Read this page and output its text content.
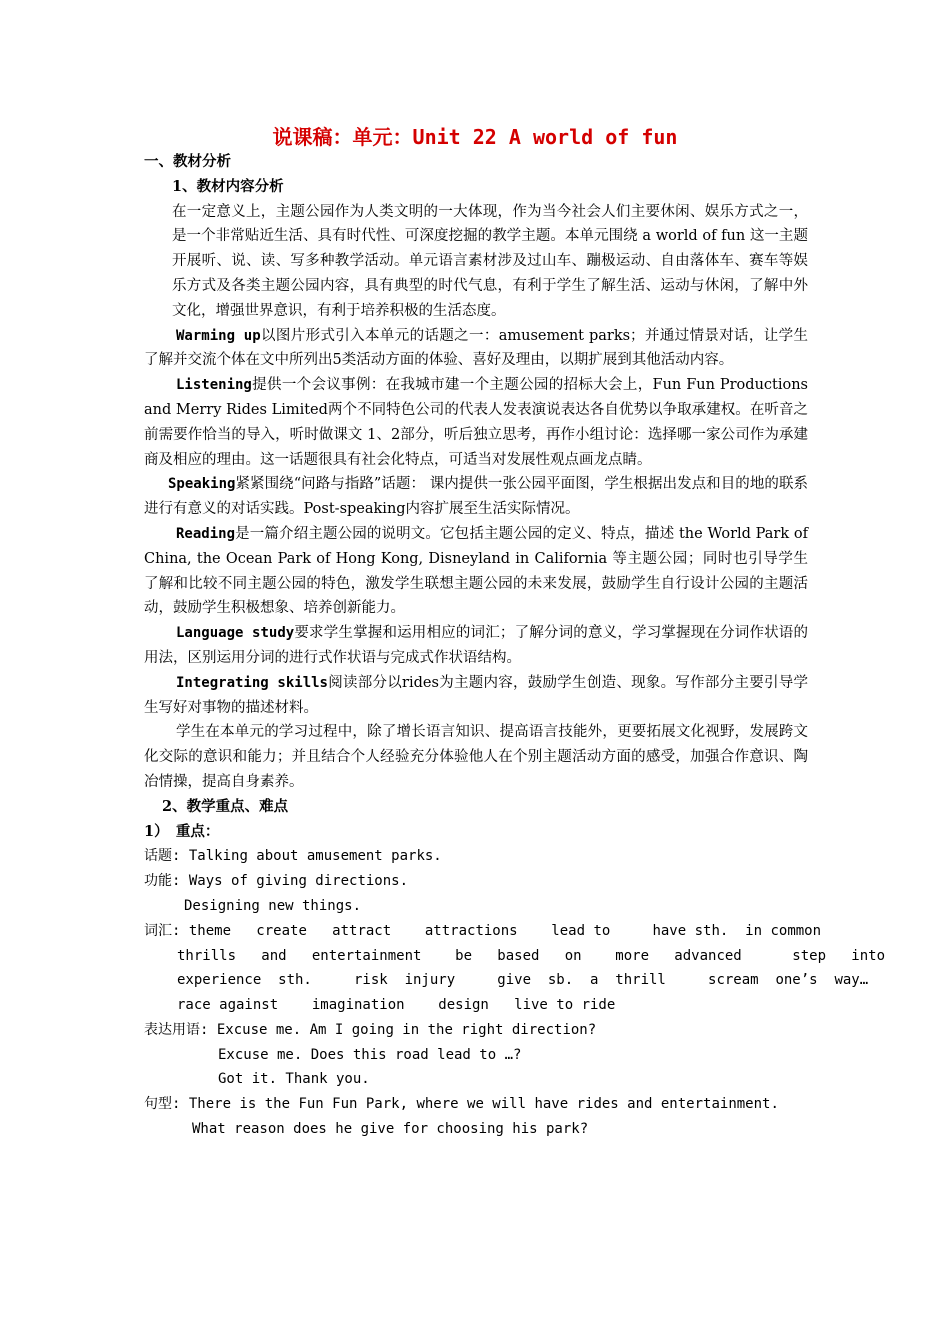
说课稿：单元：Unit 22 A world of fun

一、教材分析

1、教材内容分析

在一定意义上，主题公园作为人类文明的一大体现，作为当今社会人们主要休闲、娱乐方式之一，是一个非常贴近生活、具有时代性、可深度挖掘的教学主题。本单元围绕 a world of fun 这一主题开展听、说、读、写多种教学活动。单元语言素材涉及过山车、蹦极运动、自由落体车、赛车等娱乐方式及各类主题公园内容，具有典型的时代气息，有利于学生了解生活、运动与休闲，了解中外文化，增强世界意识，有利于培养积极的生活态度。

Warming up以图片形式引入本单元的话题之一：amusement parks；并通过情景对话，让学生了解并交流个体在文中所列出5类活动方面的体验、喜好及理由，以期扩展到其他活动内容。

Listening提供一个会议事例：在我城市建一个主题公园的招标大会上，Fun Fun Productions and Merry Rides Limited两个不同特色公司的代表人发表演说表达各自优势以争取承建权。在听音之前需要作恰当的导入，听时做课文 1、2部分，听后独立思考，再作小组讨论：选择哪一家公司作为承建商及相应的理由。这一话题很具有社会化特点，可适当对发展性观点画龙点睛。

Speaking紧紧围绕“问路与指路”话题： 课内提供一张公园平面图，学生根据出发点和目的地的联系进行有意义的对话实践。Post-speaking内容扩展至生活实际情况。

Reading是一篇介绍主题公园的说明文。它包括主题公园的定义、特点，描述 the World Park of China, the Ocean Park of Hong Kong, Disneyland in California 等主题公园；同时也引导学生了解和比较不同主题公园的特色，激发学生联想主题公园的未来发展，鼓励学生自行设计公园的主题活动，鼓励学生积极想象、培养创新能力。

Language study要求学生掌握和运用相应的词汇；了解分词的意义，学习掌握现在分词作状语的用法，区别运用分词的进行式作状语与完成式作状语结构。

Integrating skills阅读部分以rides为主题内容，鼓励学生创造、现象。写作部分主要引导学生写好对事物的描述材料。

学生在本单元的学习过程中，除了增长语言知识、提高语言技能外，更要拓展文化视野，发展跨文化交际的意识和能力；并且结合个人经验充分体验他人在个别主题活动方面的感受，加强合作意识、陶冶情操，提高自身素养。

2、教学重点、难点

1）　重点：

话题: Talking about amusement parks.

功能: Ways of giving directions.

Designing new things.

词汇: theme   create   attract    attractions    lead to     have sth.  in common

thrills   and   entertainment    be   based   on    more   advanced      step   into

experience  sth.     risk  injury     give  sb.  a  thrill     scream  one’s  way…

race against    imagination    design   live to ride

表达用语: Excuse me. Am I going in the right direction?

Excuse me. Does this road lead to …?

Got it. Thank you.

句型: There is the Fun Fun Park, where we will have rides and entertainment.

What reason does he give for choosing his park?
